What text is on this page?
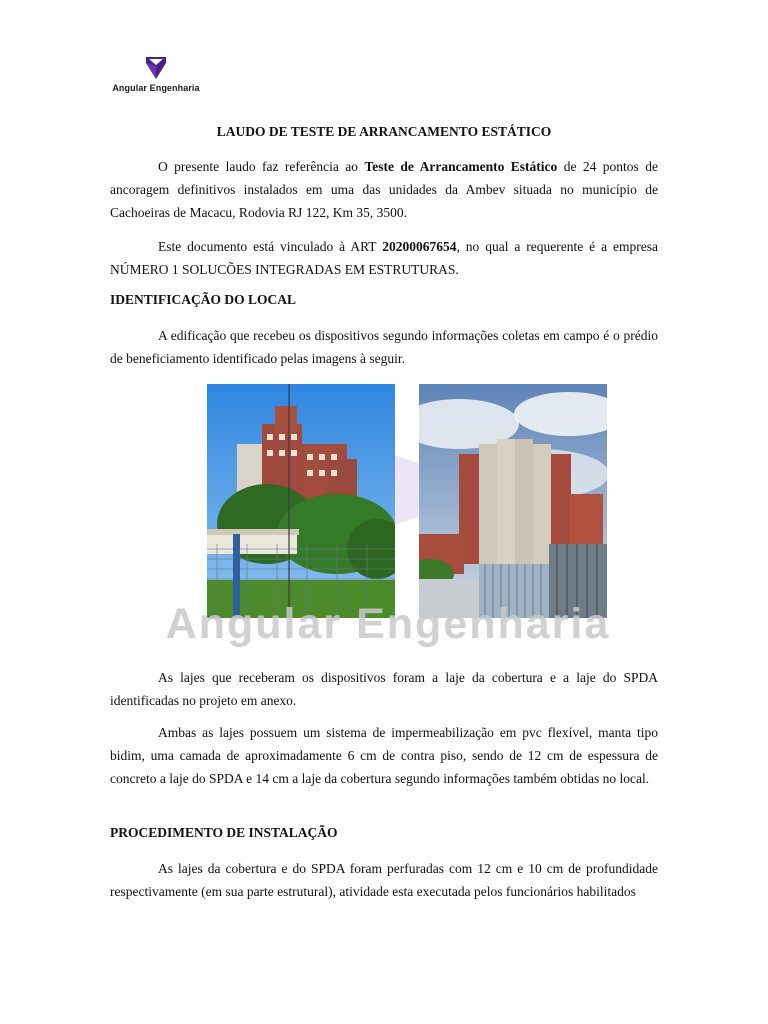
Angular Engenharia
LAUDO DE TESTE DE ARRANCAMENTO ESTÁTICO

O presente laudo faz referência ao Teste de Arrancamento Estático de 24 pontos de ancoragem definitivos instalados em uma das unidades da Ambev situada no município de Cachoeiras de Macacu, Rodovia RJ 122, Km 35, 3500.

Este documento está vinculado à ART 20200067654, no qual a requerente é a empresa NÚMERO 1 SOLUCÕES INTEGRADAS EM ESTRUTURAS.

IDENTIFICAÇÃO DO LOCAL

A edificação que recebeu os dispositivos segundo informações coletas em campo é o prédio de beneficiamento identificado pelas imagens à seguir.

Angular Engenharia

As lajes que receberam os dispositivos foram a laje da cobertura e a laje do SPDA identificadas no projeto em anexo.

Ambas as lajes possuem um sistema de impermeabilização em pvc flexível, manta tipo bidim, uma camada de aproximadamente 6 cm de contra piso, sendo de 12 cm de espessura de concreto a laje do SPDA e 14 cm a laje da cobertura segundo informações também obtidas no local.

PROCEDIMENTO DE INSTALAÇÃO

As lajes da cobertura e do SPDA foram perfuradas com 12 cm e 10 cm de profundidade respectivamente (em sua parte estrutural), atividade esta executada pelos funcionários habilitados
